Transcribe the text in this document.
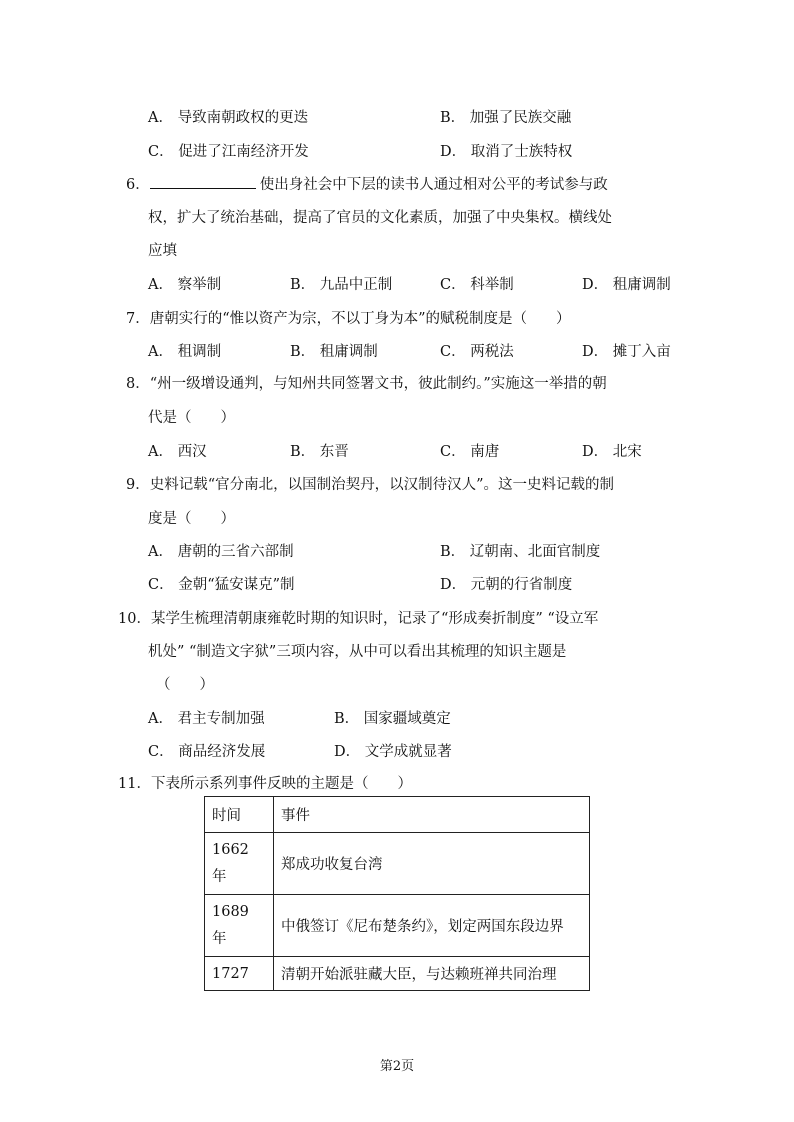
A． 导致南朝政权的更迭	B． 加强了民族交融
C． 促进了江南经济开发	D． 取消了士族特权
6．	使出身社会中下层的读书人通过相对公平的考试参与政
权，扩大了统治基础，提高了官员的文化素质，加强了中央集权。横线处
应填
A． 察举制	B． 九品中正制	C． 科举制	D． 租庸调制
7．唐朝实行的“惟以资产为宗，不以丁身为本”的赋税制度是（　　）
A． 租调制	B． 租庸调制	C． 两税法	D． 摊丁入亩
8．“州一级增设通判，与知州共同签署文书，彼此制约。”实施这一举措的朝
代是（　　）
A． 西汉	B． 东晋	C． 南唐	D． 北宋
9．史料记载“官分南北，以国制治契丹，以汉制待汉人”。这一史料记载的制
度是（　　）
A． 唐朝的三省六部制	B． 辽朝南、北面官制度
C． 金朝“猛安谋克”制	D． 元朝的行省制度
10．某学生梳理清朝康雍乾时期的知识时，记录了“形成奏折制度” “设立军
机处” “制造文字狱”三项内容，从中可以看出其梳理的知识主题是
（　　）
A． 君主专制加强	B． 国家疆域奠定
C． 商品经济发展	D． 文学成就显著
11．下表所示系列事件反映的主题是（　　）
时间	事件
1662
年	郑成功收复台湾
1689
年	中俄签订《尼布楚条约》，划定两国东段边界
1727	清朝开始派驻藏大臣，与达赖班禅共同治理
第2页
